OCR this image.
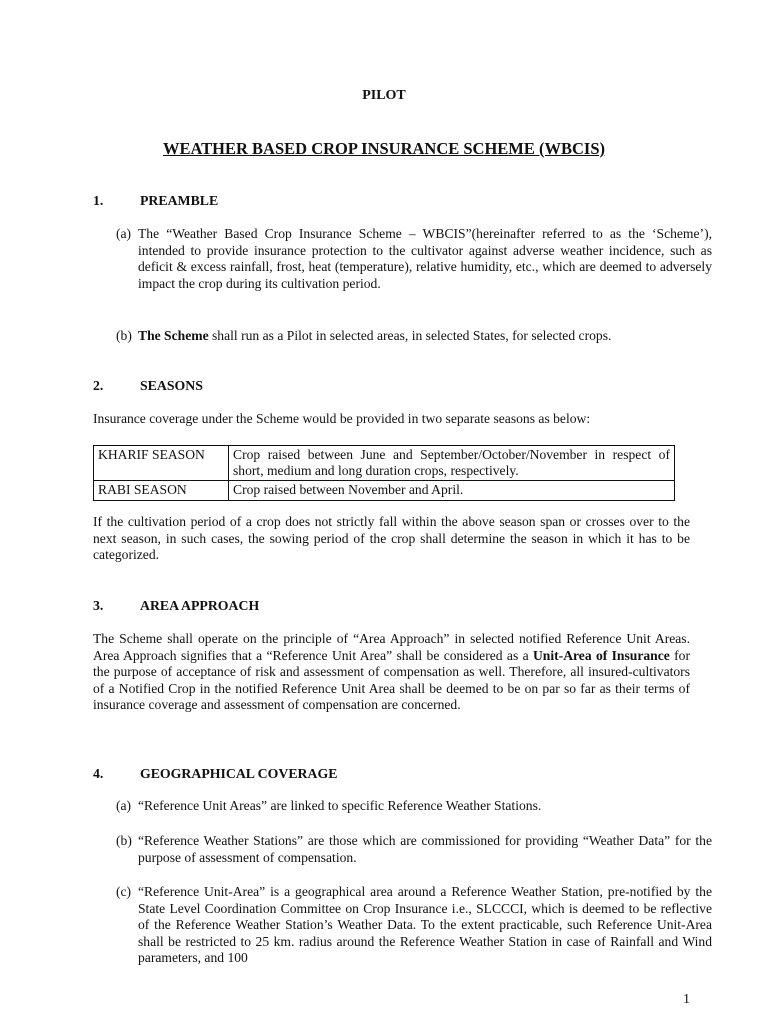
PILOT
WEATHER BASED CROP INSURANCE SCHEME (WBCIS)
1.	PREAMBLE
(a) The “Weather Based Crop Insurance Scheme – WBCIS”(hereinafter referred to as the ‘Scheme’), intended to provide insurance protection to the cultivator against adverse weather incidence, such as deficit & excess rainfall, frost, heat (temperature), relative humidity, etc., which are deemed to adversely impact the crop during its cultivation period.
(b) The Scheme shall run as a Pilot in selected areas, in selected States, for selected crops.
2.	SEASONS
Insurance coverage under the Scheme would be provided in two separate seasons as below:
KHARIF SEASON	Crop raised between June and September/October/November in respect of short, medium and long duration crops, respectively.
RABI SEASON	Crop raised between November and April.
If the cultivation period of a crop does not strictly fall within the above season span or crosses over to the next season, in such cases, the sowing period of the crop shall determine the season in which it has to be categorized.
3.	AREA APPROACH
The Scheme shall operate on the principle of “Area Approach” in selected notified Reference Unit Areas. Area Approach signifies that a “Reference Unit Area” shall be considered as a Unit-Area of Insurance for the purpose of acceptance of risk and assessment of compensation as well. Therefore, all insured-cultivators of a Notified Crop in the notified Reference Unit Area shall be deemed to be on par so far as their terms of insurance coverage and assessment of compensation are concerned.
4.	GEOGRAPHICAL COVERAGE
(a) “Reference Unit Areas” are linked to specific Reference Weather Stations.
(b) “Reference Weather Stations” are those which are commissioned for providing “Weather Data” for the purpose of assessment of compensation.
(c) “Reference Unit-Area” is a geographical area around a Reference Weather Station, pre-notified by the State Level Coordination Committee on Crop Insurance i.e., SLCCCI, which is deemed to be reflective of the Reference Weather Station’s Weather Data. To the extent practicable, such Reference Unit-Area shall be restricted to 25 km. radius around the Reference Weather Station in case of Rainfall and Wind parameters, and 100
1
